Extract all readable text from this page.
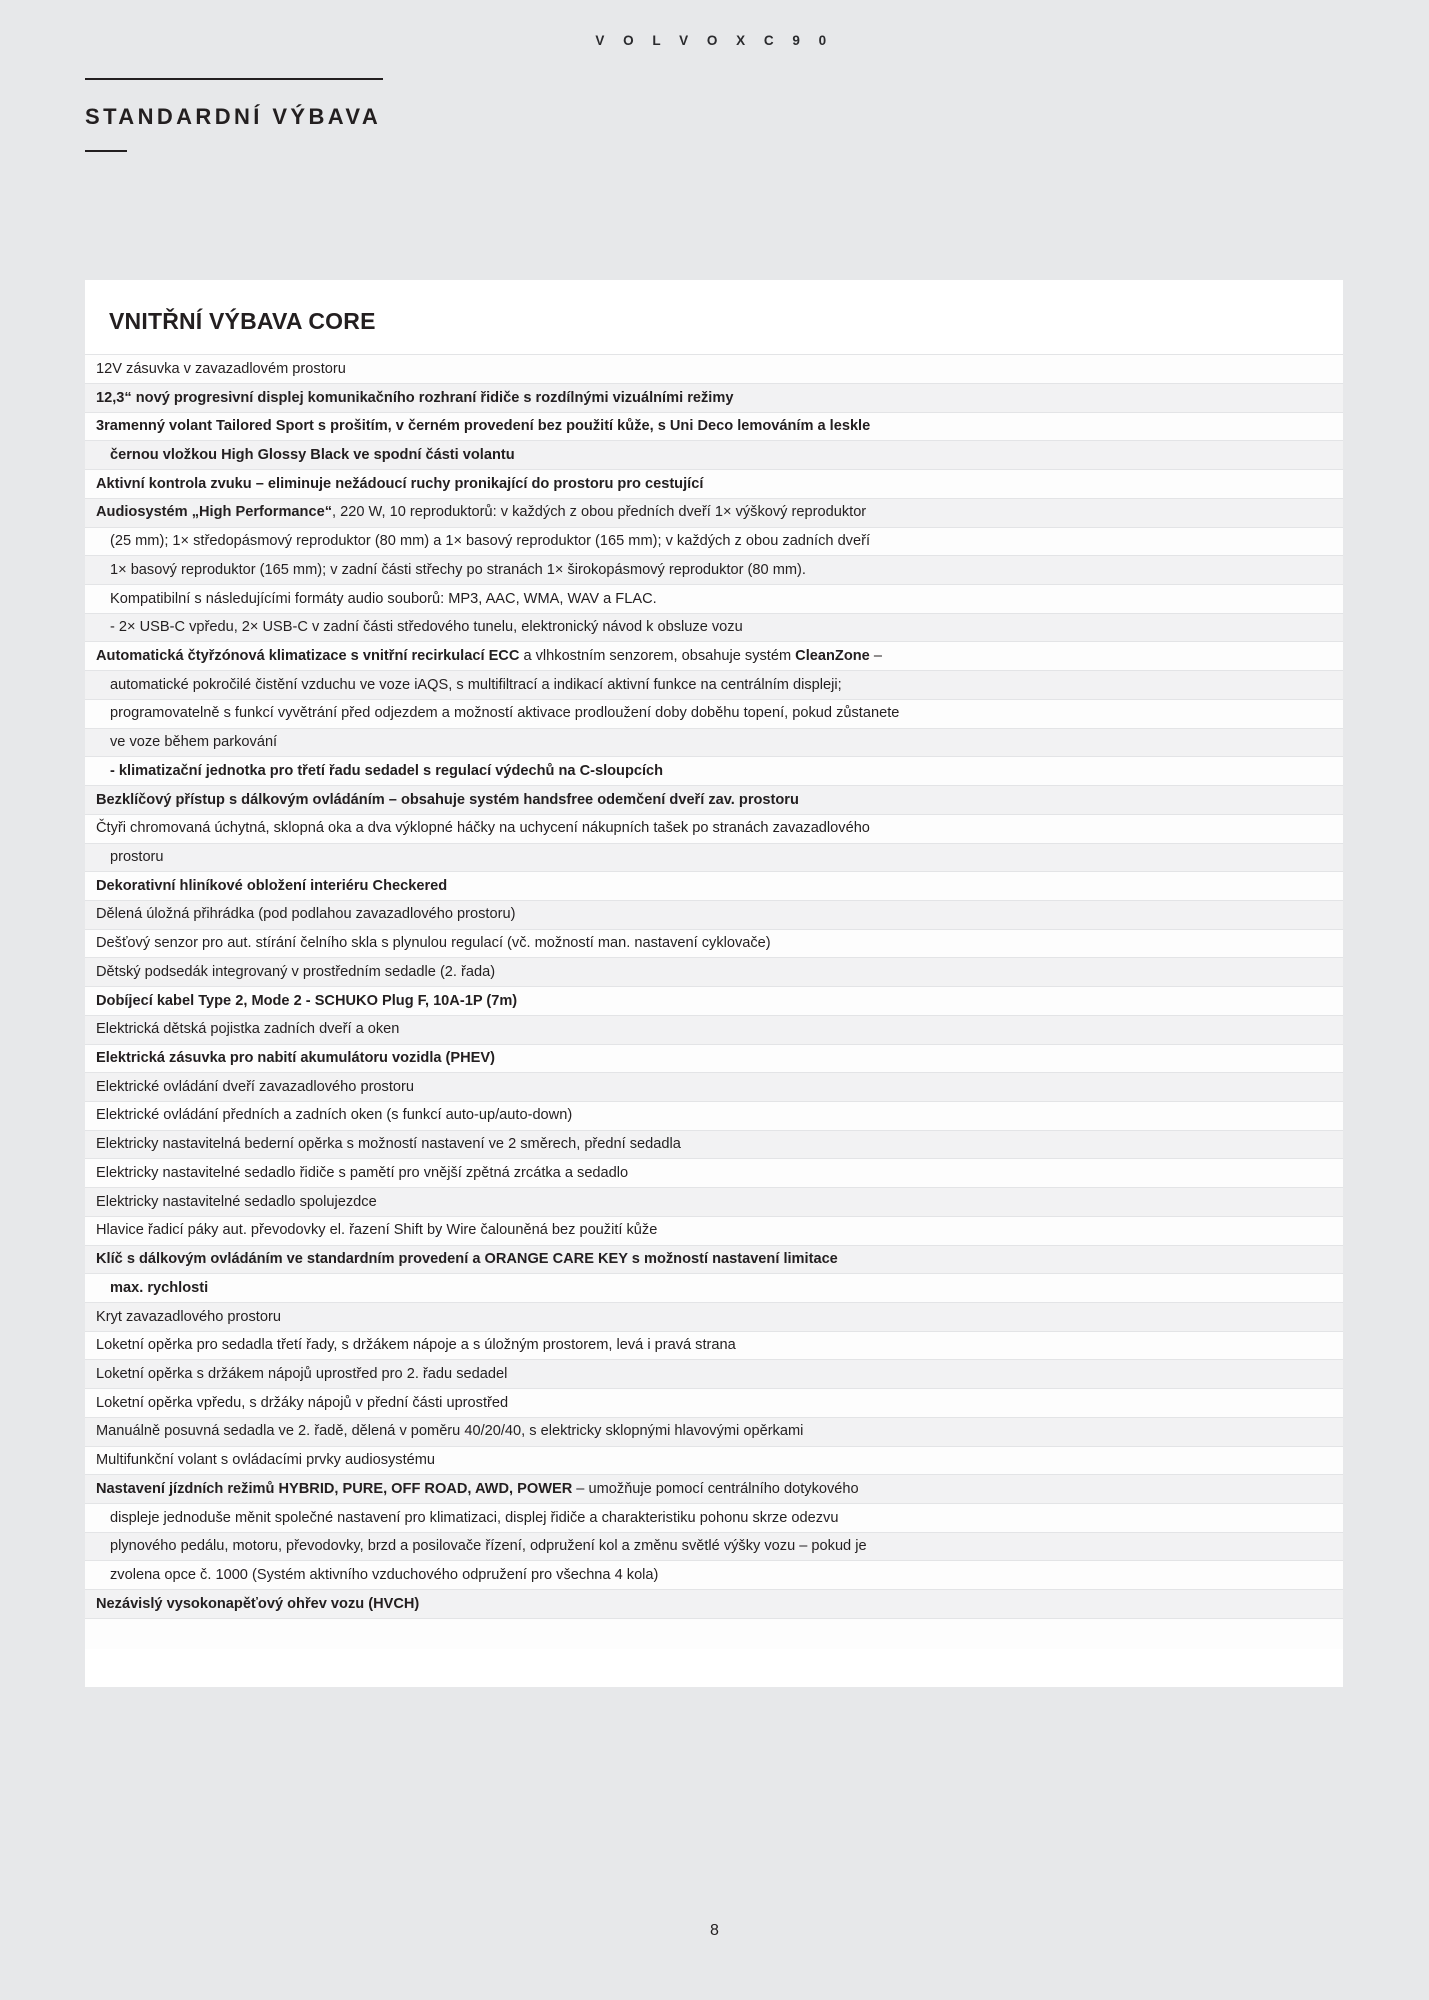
V O L V O X C 9 0
STANDARDNÍ VÝBAVA
VNITŘNÍ VÝBAVA CORE
12V zásuvka v zavazadlovém prostoru
12,3“ nový progresivní displej komunikačního rozhraní řidiče s rozdílnými vizuálními režimy
3ramenný volant Tailored Sport s prošitím, v černém provedení bez použití kůže, s Uni Deco lemováním a leskle
černou vložkou High Glossy Black ve spodní části volantu
Aktivní kontrola zvuku – eliminuje nežádoucí ruchy pronikající do prostoru pro cestující
Audiosystém „High Performance“, 220 W, 10 reproduktorů: v každých z obou předních dveří 1× výškový reproduktor
(25 mm); 1× středopásmový reproduktor (80 mm) a 1× basový reproduktor (165 mm); v každých z obou zadních dveří
1× basový reproduktor (165 mm); v zadní části střechy po stranách 1× širokopásmový reproduktor (80 mm).
Kompatibilní s následujícími formáty audio souborů: MP3, AAC, WMA, WAV a FLAC.
- 2× USB-C vpředu, 2× USB-C v zadní části středového tunelu, elektronický návod k obsluze vozu
Automatická čtyřzónová klimatizace s vnitřní recirkulací ECC a vlhkostním senzorem, obsahuje systém CleanZone –
automatické pokročilé čistění vzduchu ve voze iAQS, s multifiltrací a indikací aktivní funkce na centrálním displeji;
programovatelně s funkcí vyvětrání před odjezdem a možností aktivace prodloužení doby doběhu topení, pokud zůstanete
ve voze během parkování
- klimatizační jednotka pro třetí řadu sedadel s regulací výdechů na C-sloupcích
Bezklíčový přístup s dálkovým ovládáním – obsahuje systém handsfree odemčení dveří zav. prostoru
Čtyři chromovaná úchytná, sklopná oka a dva výklopné háčky na uchycení nákupních tašek po stranách zavazadlového
prostoru
Dekorativní hliníkové obložení interiéru Checkered
Dělená úložná přihrádka (pod podlahou zavazadlového prostoru)
Dešťový senzor pro aut. stírání čelního skla s plynulou regulací (vč. možností man. nastavení cyklovače)
Dětský podsedák integrovaný v prostředním sedadle (2. řada)
Dobíjecí kabel Type 2, Mode 2 - SCHUKO Plug F, 10A-1P (7m)
Elektrická dětská pojistka zadních dveří a oken
Elektrická zásuvka pro nabití akumulátoru vozidla (PHEV)
Elektrické ovládání dveří zavazadlového prostoru
Elektrické ovládání předních a zadních oken (s funkcí auto-up/auto-down)
Elektricky nastavitelná bederní opěrka s možností nastavení ve 2 směrech, přední sedadla
Elektricky nastavitelné sedadlo řidiče s pamětí pro vnější zpětná zrcátka a sedadlo
Elektricky nastavitelné sedadlo spolujezdce
Hlavice řadicí páky aut. převodovky el. řazení Shift by Wire čalouněná bez použití kůže
Klíč s dálkovým ovládáním ve standardním provedení a ORANGE CARE KEY s možností nastavení limitace
max. rychlosti
Kryt zavazadlového prostoru
Loketní opěrka pro sedadla třetí řady, s držákem nápoje a s úložným prostorem, levá i pravá strana
Loketní opěrka s držákem nápojů uprostřed pro 2. řadu sedadel
Loketní opěrka vpředu, s držáky nápojů v přední části uprostřed
Manuálně posuvná sedadla ve 2. řadě, dělená v poměru 40/20/40, s elektricky sklopnými hlavovými opěrkami
Multifunkční volant s ovládacími prvky audiosystému
Nastavení jízdních režimů HYBRID, PURE, OFF ROAD, AWD, POWER – umožňuje pomocí centrálního dotykového
displeje jednoduše měnit společné nastavení pro klimatizaci, displej řidiče a charakteristiku pohonu skrze odezvu
plynového pedálu, motoru, převodovky, brzd a posilovače řízení, odpružení kol a změnu světlé výšky vozu – pokud je
zvolena opce č. 1000 (Systém aktivního vzduchového odpružení pro všechna 4 kola)
Nezávislý vysokonapěťový ohřev vozu (HVCH)
8
